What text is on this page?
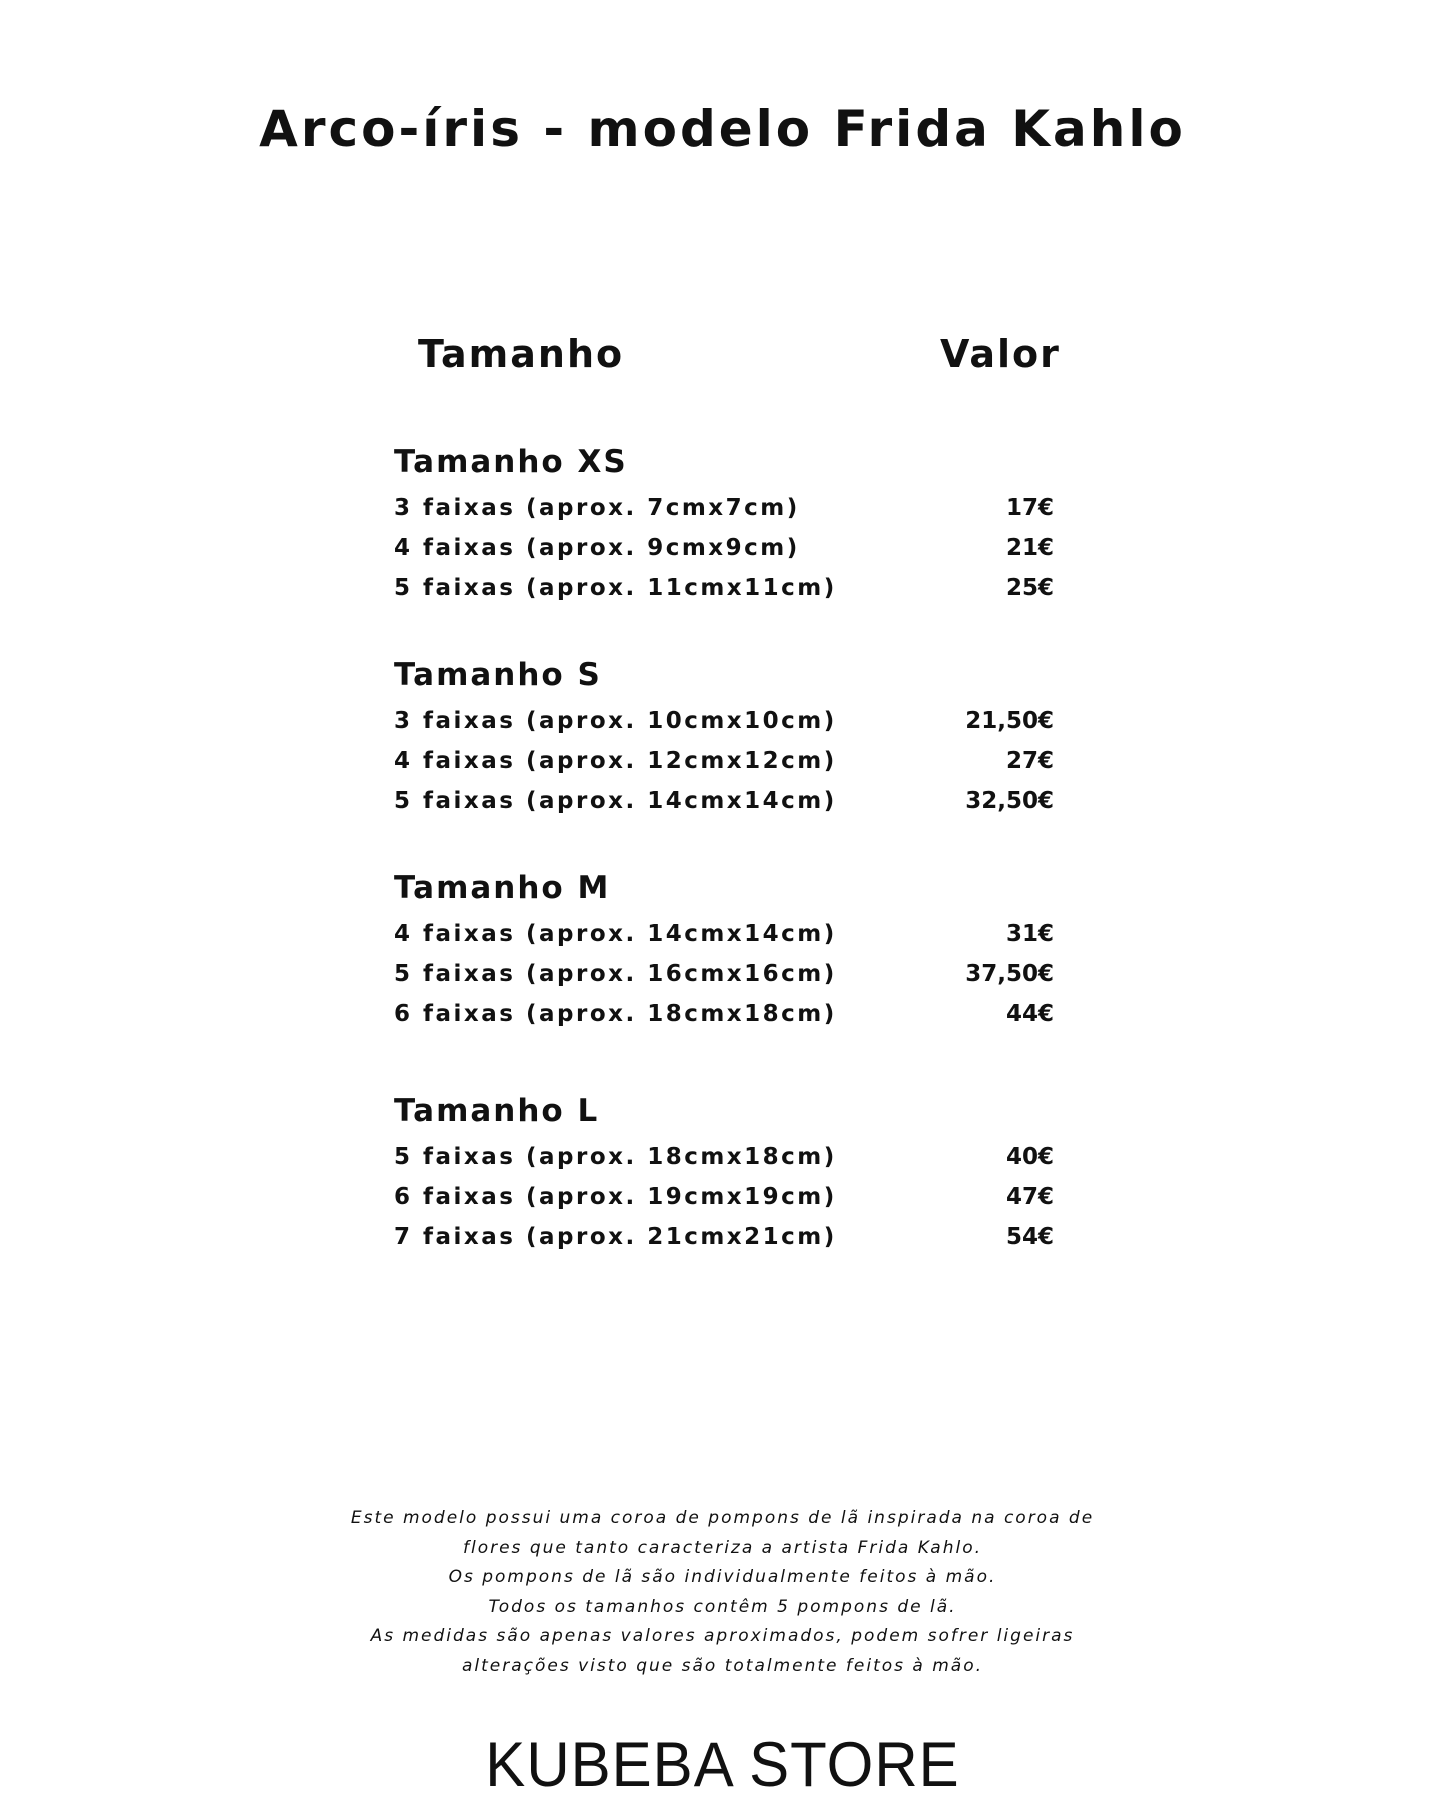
Arco-íris - modelo Frida Kahlo
Tamanho	Valor
Tamanho XS
3 faixas (aprox. 7cmx7cm)	17€
4 faixas (aprox. 9cmx9cm)	21€
5 faixas (aprox. 11cmx11cm)	25€
Tamanho S
3 faixas (aprox. 10cmx10cm)	21,50€
4 faixas (aprox. 12cmx12cm)	27€
5 faixas (aprox. 14cmx14cm)	32,50€
Tamanho M
4 faixas (aprox. 14cmx14cm)	31€
5 faixas (aprox. 16cmx16cm)	37,50€
6 faixas (aprox. 18cmx18cm)	44€
Tamanho L
5 faixas (aprox. 18cmx18cm)	40€
6 faixas (aprox. 19cmx19cm)	47€
7 faixas (aprox. 21cmx21cm)	54€
Este modelo possui uma coroa de pompons de lã inspirada na coroa de
flores que tanto caracteriza a artista Frida Kahlo.
Os pompons de lã são individualmente feitos à mão.
Todos os tamanhos contêm 5 pompons de lã.
As medidas são apenas valores aproximados, podem sofrer ligeiras
alterações visto que são totalmente feitos à mão.
KUBEBA STORE
